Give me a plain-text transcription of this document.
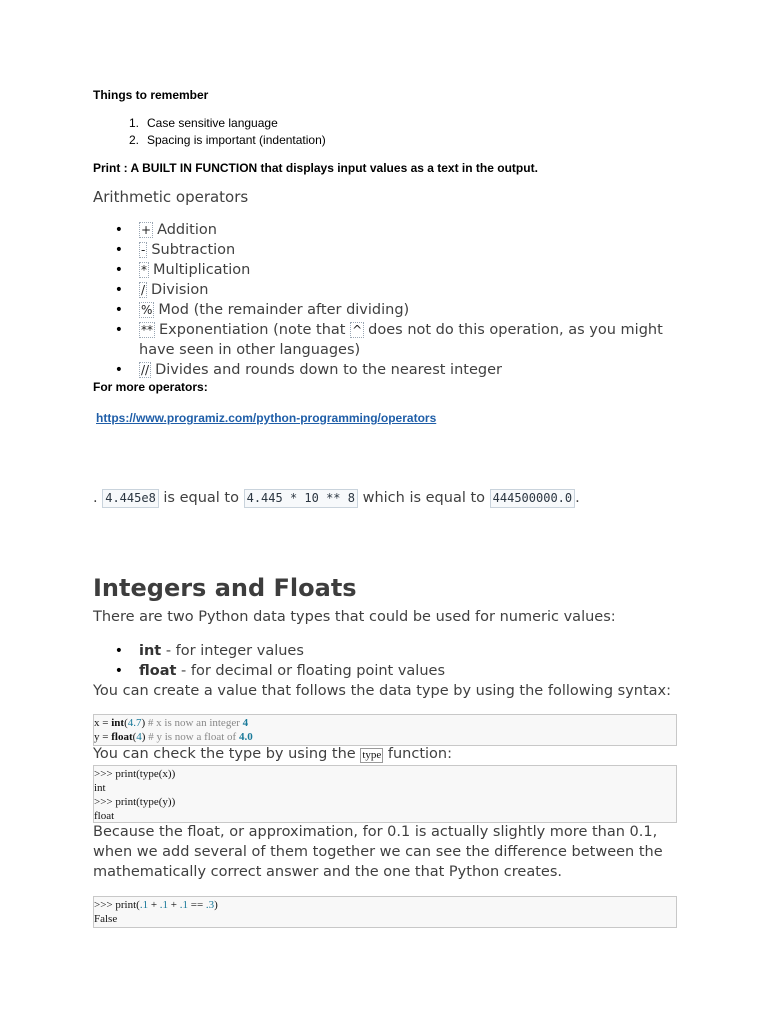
Things to remember
1. Case sensitive language
2. Spacing is important (indentation)
Print : A BUILT IN FUNCTION that displays input values as a text in the output.
Arithmetic operators
•+ Addition
•- Subtraction
•* Multiplication
•/ Division
•% Mod (the remainder after dividing)
•** Exponentiation (note that ^ does not do this operation, as you might
have seen in other languages)
•// Divides and rounds down to the nearest integer
For more operators:
https://www.programiz.com/python-programming/operators
. 4.445e8 is equal to 4.445 * 10 ** 8 which is equal to 444500000.0 .
Integers and Floats
There are two Python data types that could be used for numeric values:
•int - for integer values
•float - for decimal or floating point values
You can create a value that follows the data type by using the following syntax:
x = int(4.7) # x is now an integer 4
y = float(4) # y is now a float of 4.0
You can check the type by using the type function:
>>> print(type(x))
int
>>> print(type(y))
float
Because the float, or approximation, for 0.1 is actually slightly more than 0.1,
when we add several of them together we can see the difference between the
mathematically correct answer and the one that Python creates.
>>> print(.1 + .1 + .1 == .3)
False
